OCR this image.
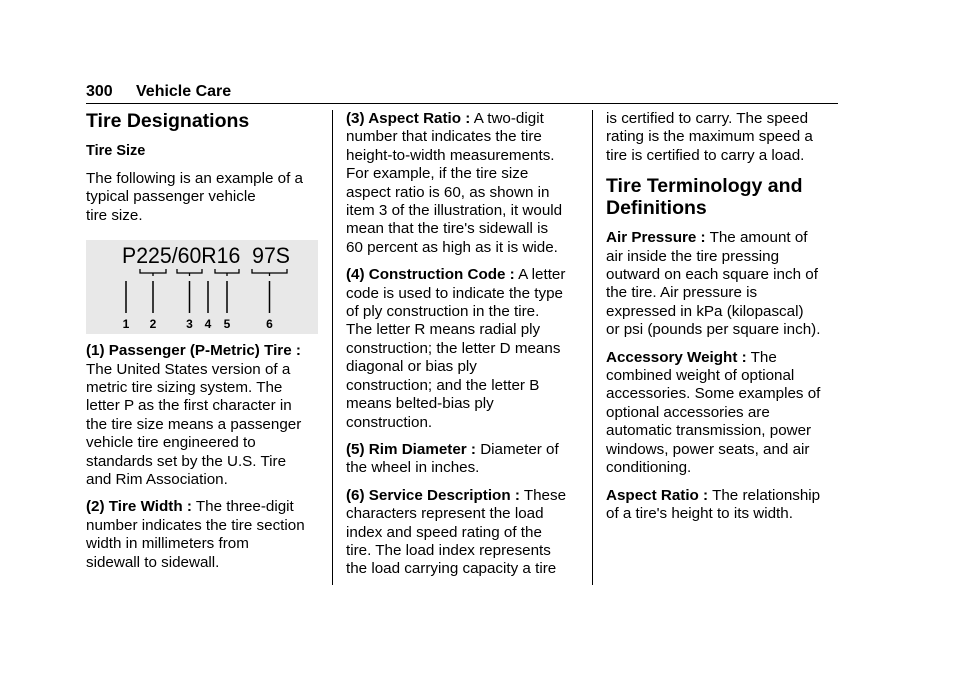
300 Vehicle Care
Tire Designations
Tire Size

The following is an example of a
typical passenger vehicle
tire size.

P225/60R16  97S
1 2 3 4 5	6

(1) Passenger (P-Metric) Tire :
The United States version of a
metric tire sizing system. The
letter P as the first character in
the tire size means a passenger
vehicle tire engineered to
standards set by the U.S. Tire
and Rim Association.

(2) Tire Width : The three-digit
number indicates the tire section
width in millimeters from
sidewall to sidewall.

(3) Aspect Ratio : A two-digit
number that indicates the tire
height-to-width measurements.
For example, if the tire size
aspect ratio is 60, as shown in
item 3 of the illustration, it would
mean that the tire's sidewall is
60 percent as high as it is wide.

(4) Construction Code : A letter
code is used to indicate the type
of ply construction in the tire.
The letter R means radial ply
construction; the letter D means
diagonal or bias ply
construction; and the letter B
means belted-bias ply
construction.

(5) Rim Diameter : Diameter of
the wheel in inches.

(6) Service Description : These
characters represent the load
index and speed rating of the
tire. The load index represents
the load carrying capacity a tire

is certified to carry. The speed
rating is the maximum speed a
tire is certified to carry a load.

Tire Terminology and
Definitions

Air Pressure : The amount of
air inside the tire pressing
outward on each square inch of
the tire. Air pressure is
expressed in kPa (kilopascal)
or psi (pounds per square inch).

Accessory Weight : The
combined weight of optional
accessories. Some examples of
optional accessories are
automatic transmission, power
windows, power seats, and air
conditioning.

Aspect Ratio : The relationship
of a tire's height to its width.
